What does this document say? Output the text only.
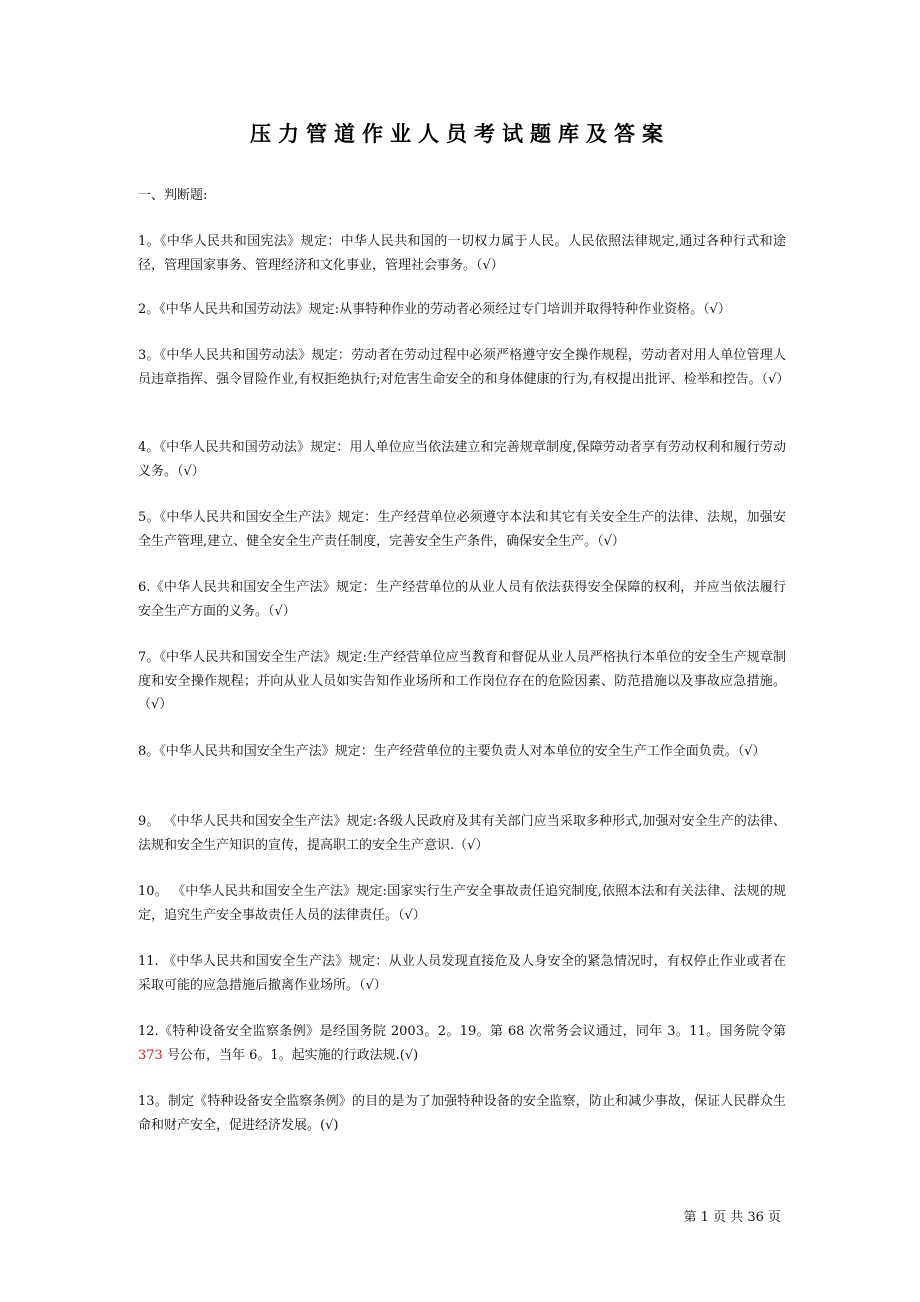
压力管道作业人员考试题库及答案
一、判断题:
1。《中华人民共和国宪法》规定：中华人民共和国的一切权力属于人民。人民依照法律规定,通过各种行式和途径，管理国家事务、管理经济和文化事业，管理社会事务。（√）
2。《中华人民共和国劳动法》规定:从事特种作业的劳动者必须经过专门培训并取得特种作业资格。（√）
3。《中华人民共和国劳动法》规定：劳动者在劳动过程中必须严格遵守安全操作规程，劳动者对用人单位管理人员违章指挥、强令冒险作业,有权拒绝执行;对危害生命安全的和身体健康的行为,有权提出批评、检举和控告。（√）
4。《中华人民共和国劳动法》规定：用人单位应当依法建立和完善规章制度,保障劳动者享有劳动权利和履行劳动义务。（√）
5。《中华人民共和国安全生产法》规定：生产经营单位必须遵守本法和其它有关安全生产的法律、法规，加强安全生产管理,建立、健全安全生产责任制度，完善安全生产条件，确保安全生产。（√）
6.《中华人民共和国安全生产法》规定：生产经营单位的从业人员有依法获得安全保障的权利，并应当依法履行安全生产方面的义务。（√）
7。《中华人民共和国安全生产法》规定:生产经营单位应当教育和督促从业人员严格执行本单位的安全生产规章制度和安全操作规程；并向从业人员如实告知作业场所和工作岗位存在的危险因素、防范措施以及事故应急措施。（√）
8。《中华人民共和国安全生产法》规定：生产经营单位的主要负责人对本单位的安全生产工作全面负责。（√）
9。 《中华人民共和国安全生产法》规定:各级人民政府及其有关部门应当采取多种形式,加强对安全生产的法律、法规和安全生产知识的宣传，提高职工的安全生产意识.（√）
10。 《中华人民共和国安全生产法》规定:国家实行生产安全事故责任追究制度,依照本法和有关法律、法规的规定，追究生产安全事故责任人员的法律责任。（√）
11. 《中华人民共和国安全生产法》规定：从业人员发现直接危及人身安全的紧急情况时，有权停止作业或者在采取可能的应急措施后撤离作业场所。（√）
12.《特种设备安全监察条例》是经国务院 2003。2。19。第 68 次常务会议通过，同年 3。11。国务院令第 373 号公布，当年 6。1。起实施的行政法规.(√)
13。制定《特种设备安全监察条例》的目的是为了加强特种设备的安全监察，防止和减少事故，保证人民群众生命和财产安全，促进经济发展。(√)
第 1 页 共 36 页
